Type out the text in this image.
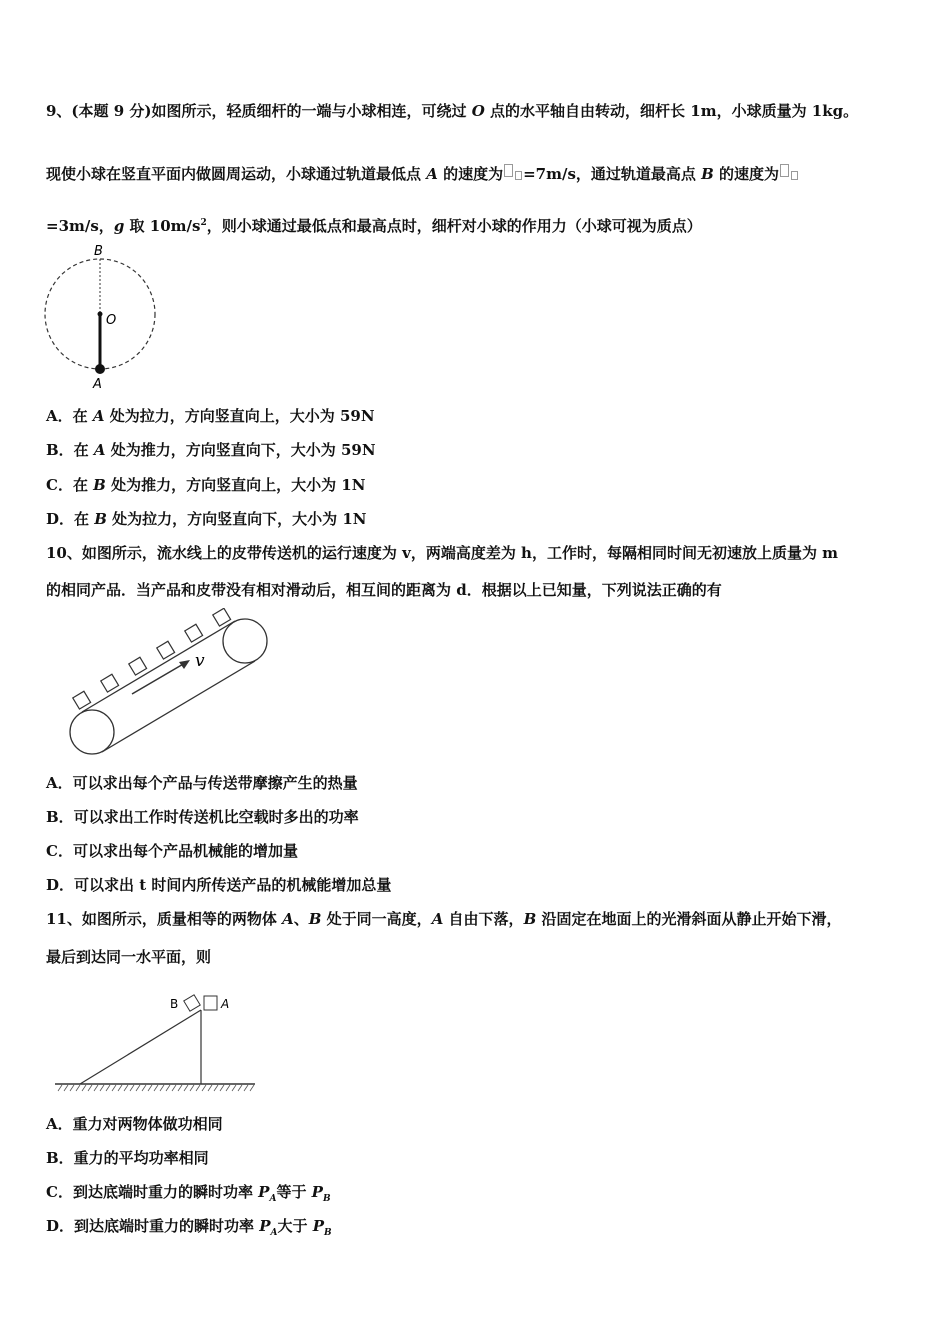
9、(本题 9 分)如图所示，轻质细杆的一端与小球相连，可绕过 O 点的水平轴自由转动，细杆长 1m，小球质量为 1kg。
现使小球在竖直平面内做圆周运动，小球通过轨道最低点 A 的速度为 =7m/s，通过轨道最高点 B 的速度为
=3m/s，g 取 $10m/s^2$，则小球通过最低点和最高点时，细杆对小球的作用力（小球可视为质点）
B
O
A
A．在 A 处为拉力，方向竖直向上，大小为 59N
B．在 A 处为推力，方向竖直向下，大小为 59N
C．在 B 处为推力，方向竖直向上，大小为 1N
D．在 B 处为拉力，方向竖直向下，大小为 1N
10、如图所示，流水线上的皮带传送机的运行速度为 v，两端高度差为 h，工作时，每隔相同时间无初速放上质量为 m
的相同产品．当产品和皮带没有相对滑动后，相互间的距离为 d．根据以上已知量，下列说法正确的有
v
A．可以求出每个产品与传送带摩擦产生的热量
B．可以求出工作时传送机比空载时多出的功率
C．可以求出每个产品机械能的增加量
D．可以求出 t 时间内所传送产品的机械能增加总量
11、如图所示，质量相等的两物体 A、B 处于同一高度，A 自由下落，B 沿固定在地面上的光滑斜面从静止开始下滑，
最后到达同一水平面，则
B	A
A．重力对两物体做功相同
B．重力的平均功率相同
C．到达底端时重力的瞬时功率 $P_A$等于 $P_B$
D．到达底端时重力的瞬时功率 $P_A$大于 $P_B$
